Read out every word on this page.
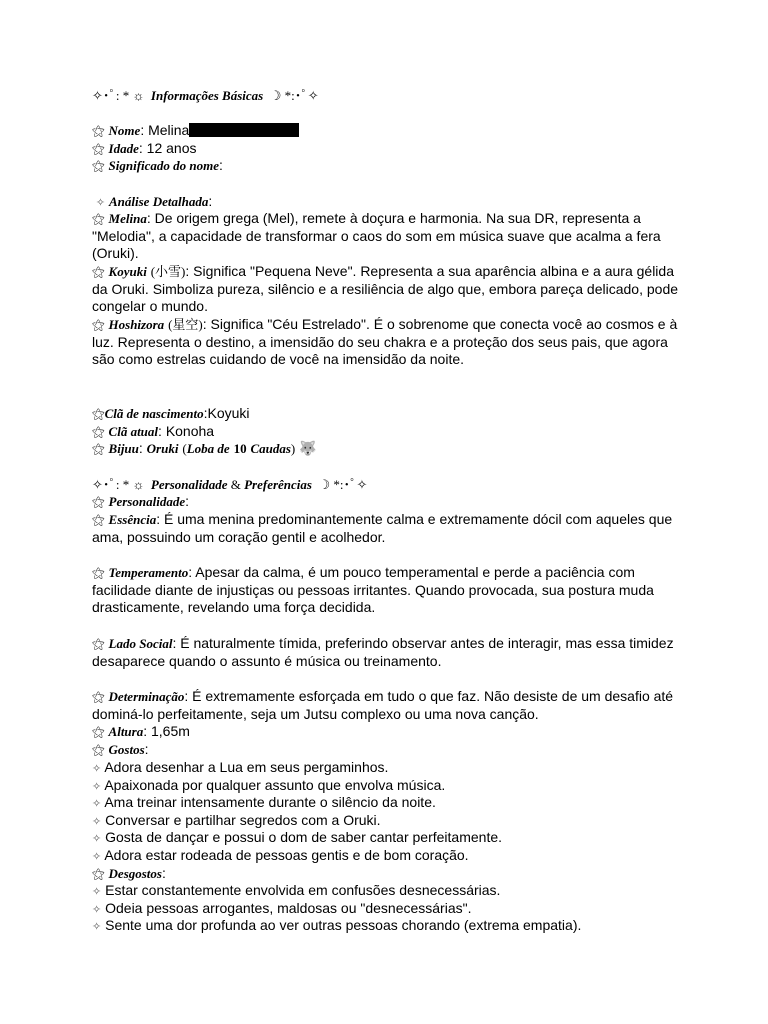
✧･ﾟ: * ☼ Informações Básicas ☽ *:･ﾟ✧
⚝ Nome: Melina
⚝ Idade: 12 anos
⚝ Significado do nome:
✧ Análise Detalhada:
⚝ Melina: De origem grega (Mel), remete à doçura e harmonia. Na sua DR, representa a "Melodia", a capacidade de transformar o caos do som em música suave que acalma a fera (Oruki).
⚝ Koyuki (小雪): Significa "Pequena Neve". Representa a sua aparência albina e a aura gélida da Oruki. Simboliza pureza, silêncio e a resiliência de algo que, embora pareça delicado, pode congelar o mundo.
⚝ Hoshizora (星空): Significa "Céu Estrelado". É o sobrenome que conecta você ao cosmos e à luz. Representa o destino, a imensidão do seu chakra e a proteção dos seus pais, que agora são como estrelas cuidando de você na imensidão da noite.
⚝Clã de nascimento:Koyuki
⚝ Clã atual: Konoha
⚝ Bijuu: Oruki (Loba de 10 Caudas) 🐺
✧･ﾟ: * ☼ Personalidade & Preferências ☽ *:･ﾟ✧
⚝ Personalidade:
⚝ Essência: É uma menina predominantemente calma e extremamente dócil com aqueles que ama, possuindo um coração gentil e acolhedor.
⚝ Temperamento: Apesar da calma, é um pouco temperamental e perde a paciência com facilidade diante de injustiças ou pessoas irritantes. Quando provocada, sua postura muda drasticamente, revelando uma força decidida.
⚝ Lado Social: É naturalmente tímida, preferindo observar antes de interagir, mas essa timidez desaparece quando o assunto é música ou treinamento.
⚝ Determinação: É extremamente esforçada em tudo o que faz. Não desiste de um desafio até dominá-lo perfeitamente, seja um Jutsu complexo ou uma nova canção.
⚝ Altura: 1,65m
⚝ Gostos:
✧ Adora desenhar a Lua em seus pergaminhos.
✧ Apaixonada por qualquer assunto que envolva música.
✧ Ama treinar intensamente durante o silêncio da noite.
✧ Conversar e partilhar segredos com a Oruki.
✧ Gosta de dançar e possui o dom de saber cantar perfeitamente.
✧ Adora estar rodeada de pessoas gentis e de bom coração.
⚝ Desgostos:
✧ Estar constantemente envolvida em confusões desnecessárias.
✧ Odeia pessoas arrogantes, maldosas ou "desnecessárias".
✧ Sente uma dor profunda ao ver outras pessoas chorando (extrema empatia).
